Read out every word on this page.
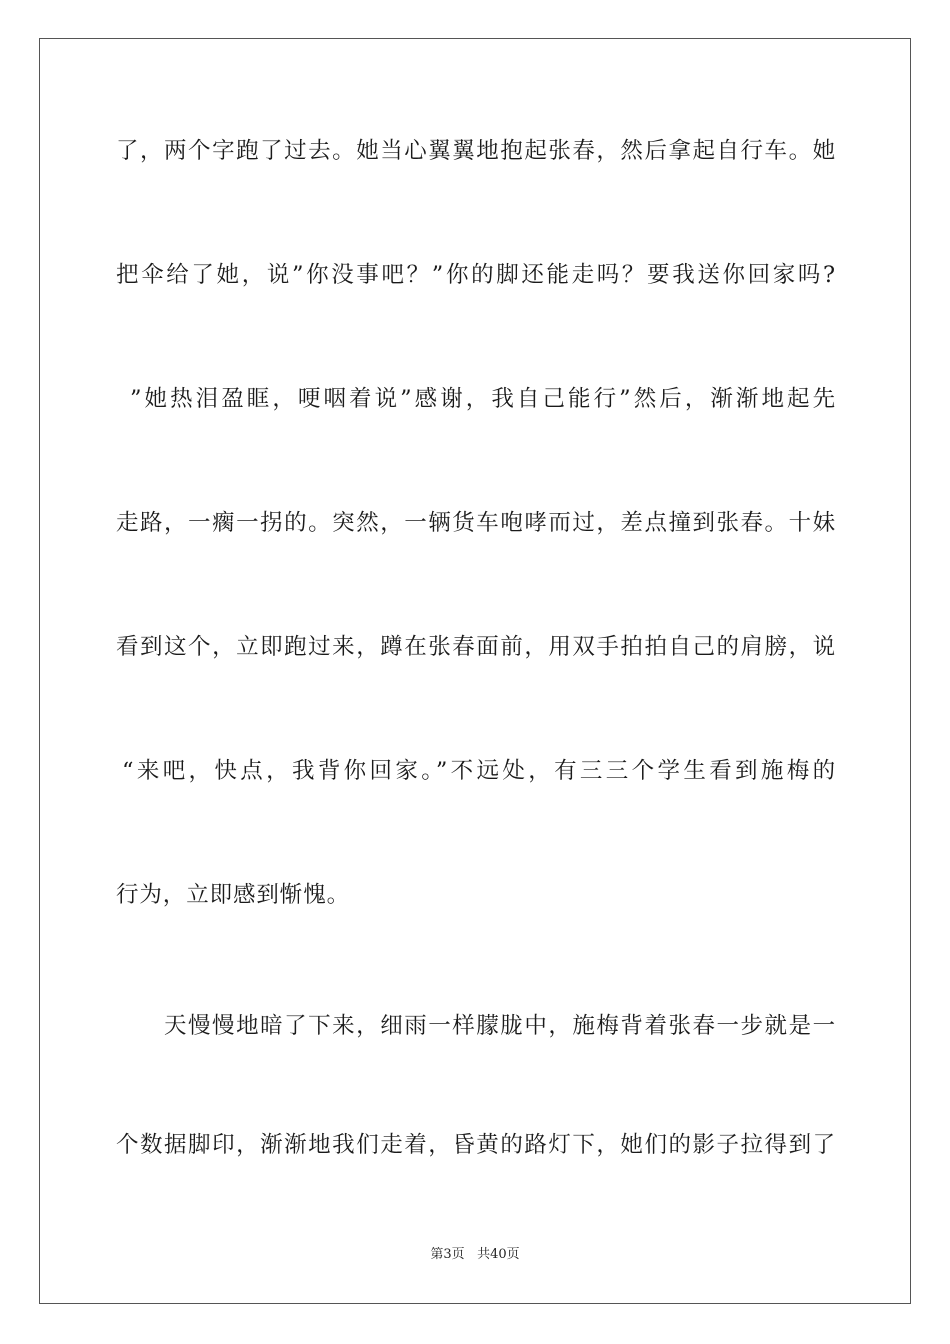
了，两个字跑了过去。她当心翼翼地抱起张春，然后拿起自行车。她
把伞给了她，说”你没事吧？”你的脚还能走吗？要我送你回家吗?
”她热泪盈眶，哽咽着说”感谢，我自己能行”然后，渐渐地起先
走路，一瘸一拐的。突然，一辆货车咆哮而过，差点撞到张春。十妹
看到这个，立即跑过来，蹲在张春面前，用双手拍拍自己的肩膀，说
“来吧，快点，我背你回家。”不远处，有三三个学生看到施梅的
行为，立即感到惭愧。
天慢慢地暗了下来，细雨一样朦胧中，施梅背着张春一步就是一
个数据脚印，渐渐地我们走着，昏黄的路灯下，她们的影子拉得到了
第3页 共40页
